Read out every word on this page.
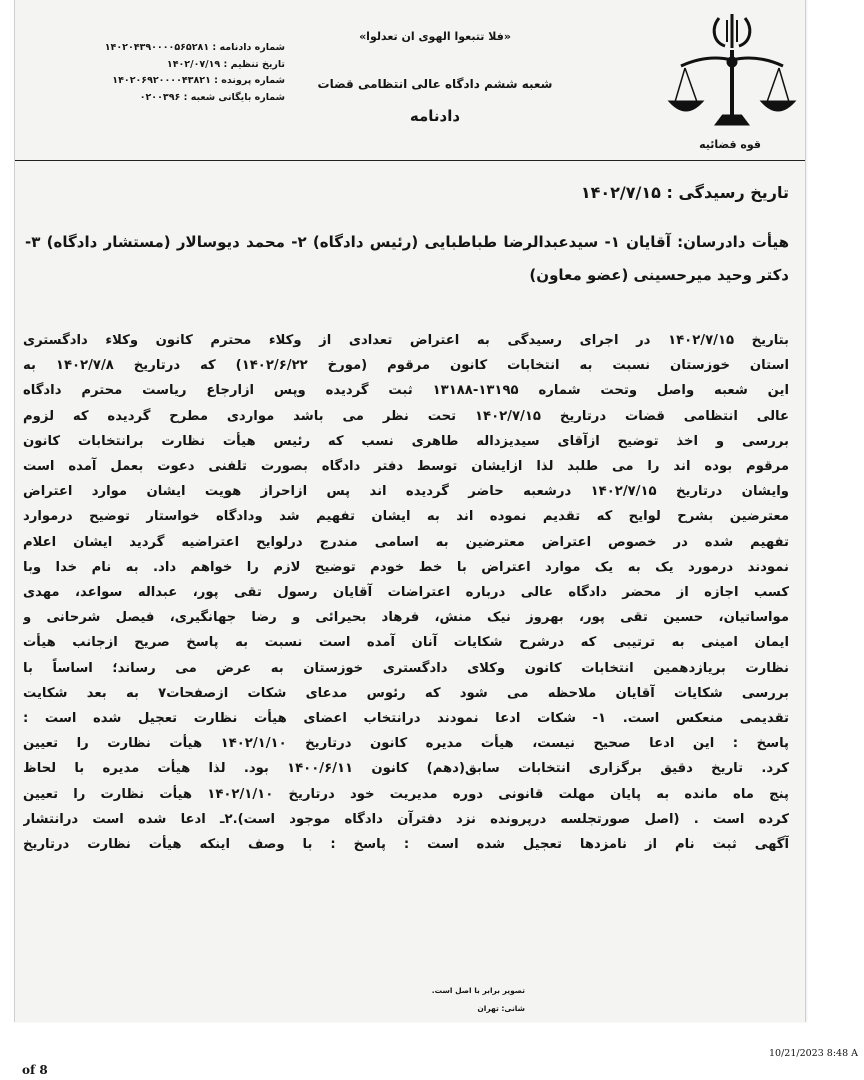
قوه قضائیه
«فلا تتبعوا الهوی ان تعدلوا»
شعبه ششم دادگاه عالی انتظامی قضات
دادنامه
شماره دادنامه : ۱۴۰۲۰۴۳۹۰۰۰۰۵۶۵۲۸۱
تاریخ تنظیم : ۱۴۰۲/۰۷/۱۹
شماره پرونده : ۱۴۰۲۰۶۹۲۰۰۰۰۴۳۸۲۱
شماره بایگانی شعبه : ۰۲۰۰۳۹۶
تاریخ رسیدگی : ۱۴۰۲/۷/۱۵
هیأت دادرسان: آقایان ۱- سیدعبدالرضا طباطبایی (رئیس دادگاه) ۲- محمد دیوسالار (مستشار دادگاه) ۳- دکتر وحید میرحسینی (عضو معاون)
بتاریخ ۱۴۰۲/۷/۱۵ در اجرای رسیدگی به اعتراض تعدادی از وکلاء محترم کانون وکلاء دادگستری
استان خوزستان نسبت به انتخابات کانون مرقوم (مورخ ۱۴۰۲/۶/۲۲) که درتاریخ ۱۴۰۲/۷/۸ به
این شعبه واصل وتحت شماره ۱۳۱۹۵-۱۳۱۸۸ ثبت گردیده وپس ازارجاع ریاست محترم دادگاه
عالی انتظامی قضات درتاریخ ۱۴۰۲/۷/۱۵ تحت نظر می باشد مواردی مطرح گردیده که لزوم
بررسی و اخذ توضیح ازآقای سیدیزداله طاهری نسب که رئیس هیأت نظارت برانتخابات کانون
مرقوم بوده اند را می طلبد لذا ازایشان توسط دفتر دادگاه بصورت تلفنی دعوت بعمل آمده است
وایشان درتاریخ ۱۴۰۲/۷/۱۵ درشعبه حاضر گردیده اند پس ازاحراز هویت ایشان موارد اعتراض
معترضین بشرح لوایح که تقدیم نموده اند به ایشان تفهیم شد ودادگاه خواستار توضیح درموارد
تفهیم شده در خصوص اعتراض معترضین به اسامی مندرج درلوایح اعتراضیه گردید ایشان اعلام
نمودند درمورد یک به یک موارد اعتراض با خط خودم توضیح لازم را خواهم داد. به نام خدا وبا
کسب اجازه از محضر دادگاه عالی درباره اعتراضات آقایان رسول تقی پور، عبداله سواعد، مهدی
مواساتیان، حسین تقی پور، بهروز نیک منش، فرهاد بحیرائی و رضا جهانگیری، فیصل شرحانی و
ایمان امینی به ترتیبی که درشرح شکایات آنان آمده است نسبت به پاسخ صریح ازجانب هیأت
نظارت بریازدهمین انتخابات کانون وکلای دادگستری خوزستان به عرض می رساند؛ اساساً با
بررسی شکایات آقایان ملاحظه می شود که رئوس مدعای شکات ازصفحات۷ به بعد شکایت
تقدیمی منعکس است. ۱- شکات ادعا نمودند درانتخاب اعضای هیأت نظارت تعجیل شده است :
پاسخ : این ادعا صحیح نیست، هیأت مدیره کانون درتاریخ ۱۴۰۲/۱/۱۰ هیأت نظارت را تعیین
کرد. تاریخ دقیق برگزاری انتخابات سابق(دهم) کانون ۱۴۰۰/۶/۱۱ بود. لذا هیأت مدیره با لحاظ
پنج ماه مانده به پایان مهلت قانونی دوره مدیریت خود درتاریخ ۱۴۰۲/۱/۱۰ هیأت نظارت را تعیین
کرده است . (اصل صورتجلسه درپرونده نزد دفترآن دادگاه موجود است).۲ـ ادعا شده است درانتشار
آگهی ثبت نام از نامزدها تعجیل شده است : پاسخ : با وصف اینکه هیأت نظارت درتاریخ
تصویر برابر با اصل است.
شانی: تهران
of 8
10/21/2023 8:48 A
